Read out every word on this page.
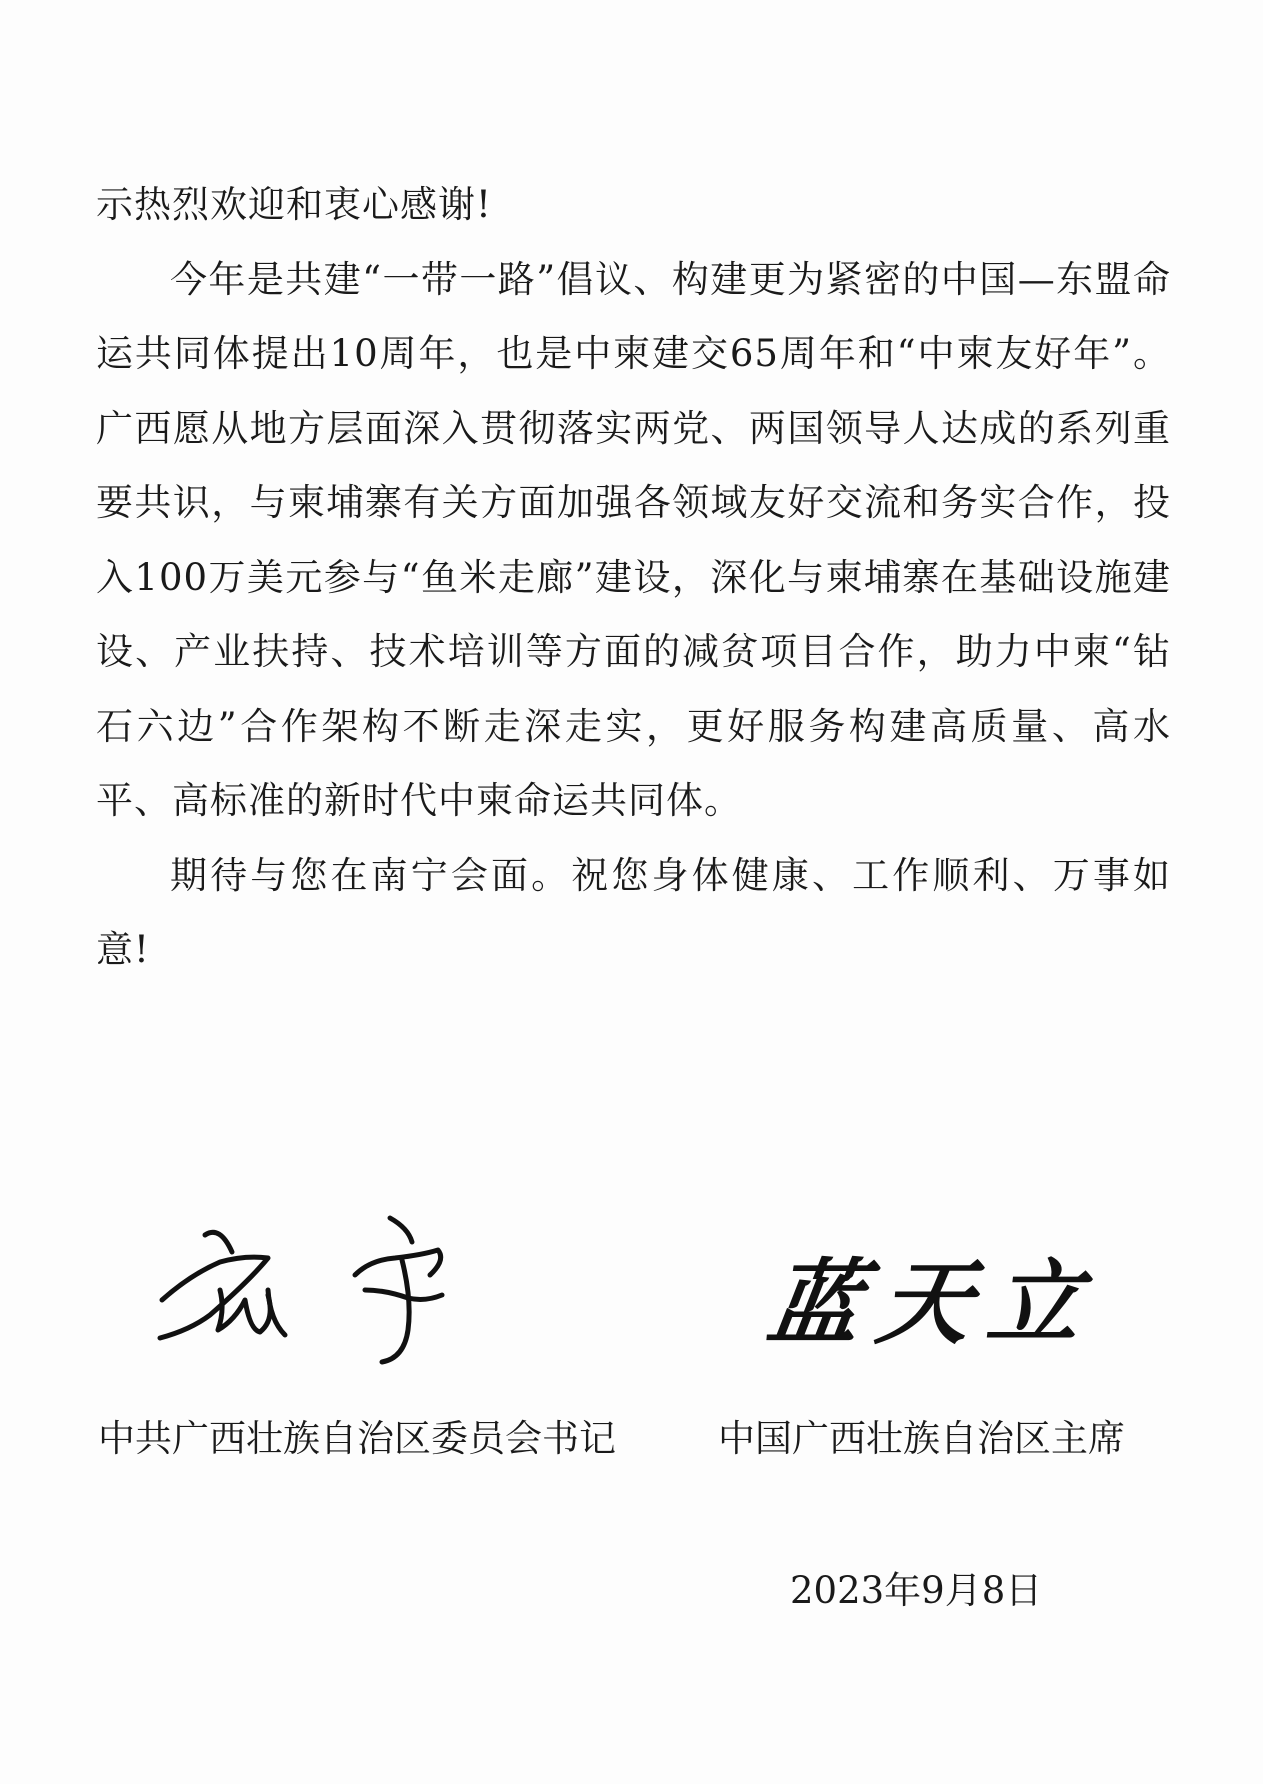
示热烈欢迎和衷心感谢!

今年是共建“一带一路”倡议、构建更为紧密的中国—东盟命运共同体提出10周年，也是中柬建交65周年和“中柬友好年”。广西愿从地方层面深入贯彻落实两党、两国领导人达成的系列重要共识，与柬埔寨有关方面加强各领域友好交流和务实合作，投入100万美元参与“鱼米走廊”建设，深化与柬埔寨在基础设施建设、产业扶持、技术培训等方面的减贫项目合作，助力中柬“钻石六边”合作架构不断走深走实，更好服务构建高质量、高水平、高标准的新时代中柬命运共同体。

期待与您在南宁会面。祝您身体健康、工作顺利、万事如意!

蓝天立
中共广西壮族自治区委员会书记	中国广西壮族自治区主席
2023年9月8日
